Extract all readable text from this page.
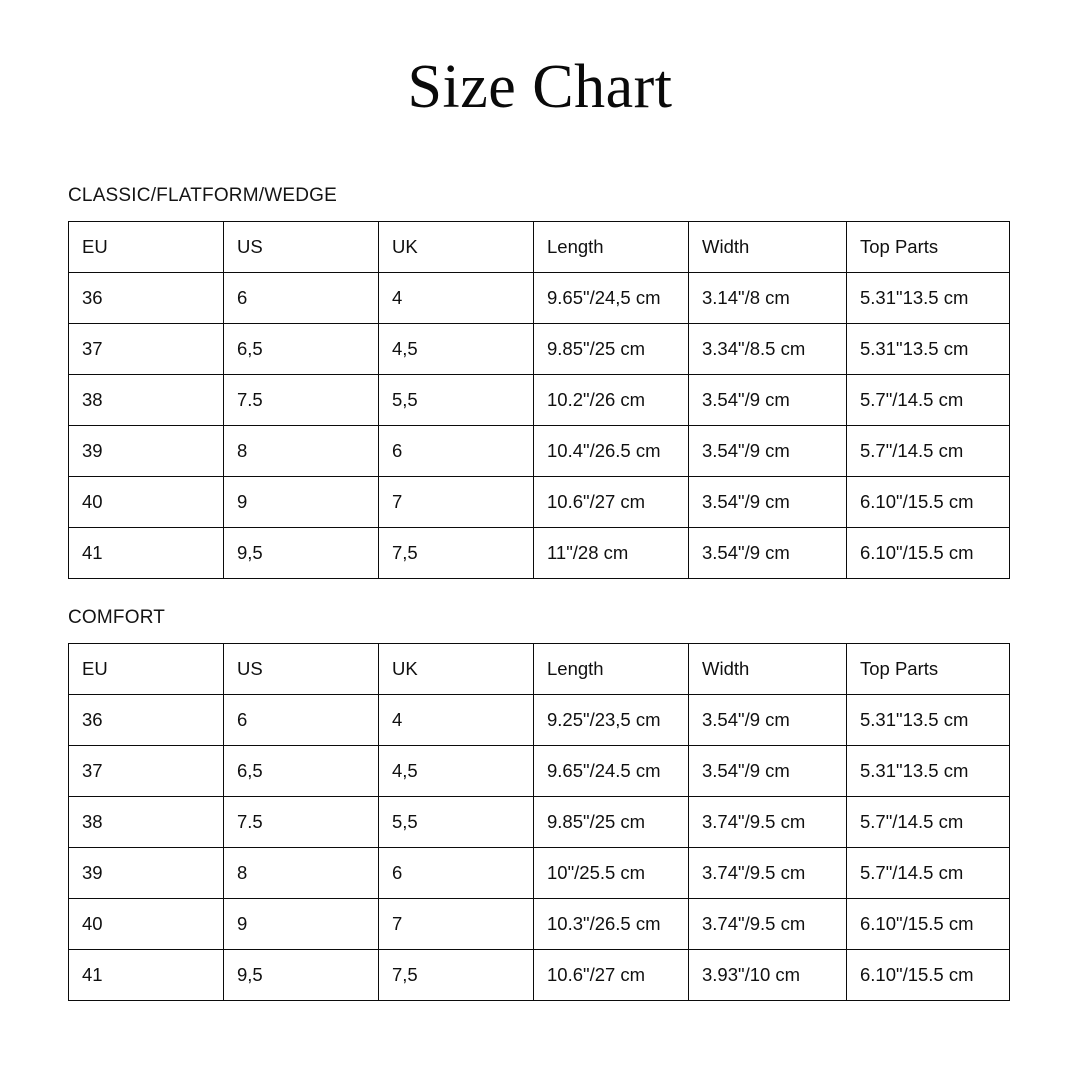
Size Chart

CLASSIC/FLATFORM/WEDGE

EU	US	UK	Length	Width	Top Parts
36	6	4	9.65"/24,5 cm	3.14"/8 cm	5.31"13.5 cm
37	6,5	4,5	9.85"/25 cm	3.34"/8.5 cm	5.31"13.5 cm
38	7.5	5,5	10.2"/26 cm	3.54"/9 cm	5.7"/14.5 cm
39	8	6	10.4"/26.5 cm	3.54"/9 cm	5.7"/14.5 cm
40	9	7	10.6"/27 cm	3.54"/9 cm	6.10"/15.5 cm
41	9,5	7,5	11"/28 cm	3.54"/9 cm	6.10"/15.5 cm

COMFORT

EU	US	UK	Length	Width	Top Parts
36	6	4	9.25"/23,5 cm	3.54"/9 cm	5.31"13.5 cm
37	6,5	4,5	9.65"/24.5 cm	3.54"/9 cm	5.31"13.5 cm
38	7.5	5,5	9.85"/25 cm	3.74"/9.5 cm	5.7"/14.5 cm
39	8	6	10"/25.5 cm	3.74"/9.5 cm	5.7"/14.5 cm
40	9	7	10.3"/26.5 cm	3.74"/9.5 cm	6.10"/15.5 cm
41	9,5	7,5	10.6"/27 cm	3.93"/10 cm	6.10"/15.5 cm
